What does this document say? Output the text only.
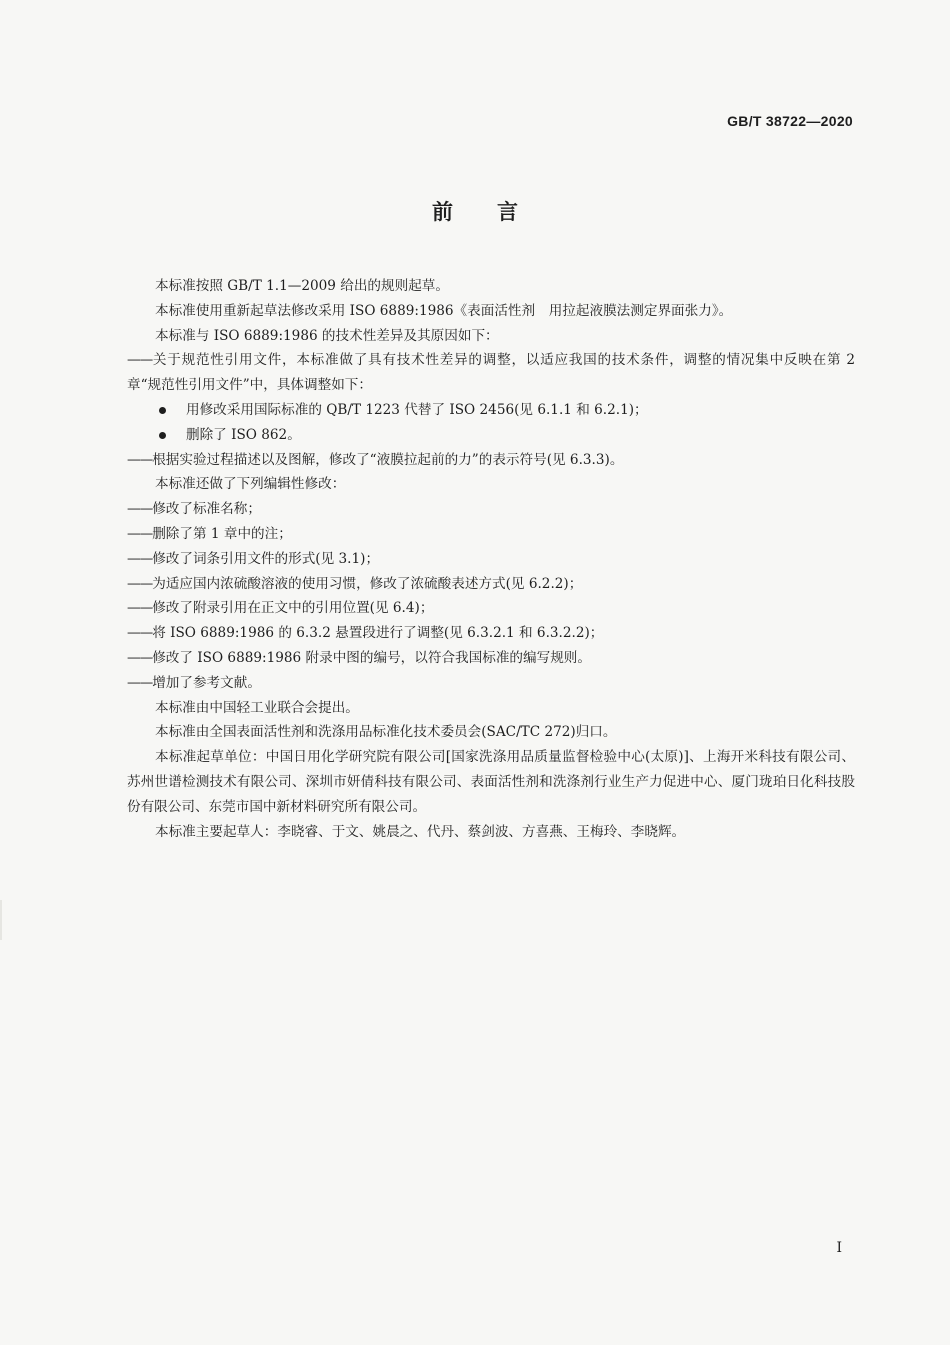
GB/T 38722—2020
前言

本标准按照 GB/T 1.1—2009 给出的规则起草。

本标准使用重新起草法修改采用 ISO 6889:1986《表面活性剂　用拉起液膜法测定界面张力》。

本标准与 ISO 6889:1986 的技术性差异及其原因如下：

——关于规范性引用文件，本标准做了具有技术性差异的调整，以适应我国的技术条件，调整的情况集中反映在第 2 章“规范性引用文件”中，具体调整如下：

用修改采用国际标准的 QB/T 1223 代替了 ISO 2456(见 6.1.1 和 6.2.1)；

删除了 ISO 862。

——根据实验过程描述以及图解，修改了“液膜拉起前的力”的表示符号(见 6.3.3)。

本标准还做了下列编辑性修改：

——修改了标准名称；

——删除了第 1 章中的注；

——修改了词条引用文件的形式(见 3.1)；

——为适应国内浓硫酸溶液的使用习惯，修改了浓硫酸表述方式(见 6.2.2)；

——修改了附录引用在正文中的引用位置(见 6.4)；

——将 ISO 6889:1986 的 6.3.2 悬置段进行了调整(见 6.3.2.1 和 6.3.2.2)；

——修改了 ISO 6889:1986 附录中图的编号，以符合我国标准的编写规则。

——增加了参考文献。

本标准由中国轻工业联合会提出。

本标准由全国表面活性剂和洗涤用品标准化技术委员会(SAC/TC 272)归口。

本标准起草单位：中国日用化学研究院有限公司[国家洗涤用品质量监督检验中心(太原)]、上海开米科技有限公司、苏州世谱检测技术有限公司、深圳市妍倩科技有限公司、表面活性剂和洗涤剂行业生产力促进中心、厦门珑珀日化科技股份有限公司、东莞市国中新材料研究所有限公司。

本标准主要起草人：李晓睿、于文、姚晨之、代丹、蔡剑波、方喜燕、王梅玲、李晓辉。

I
